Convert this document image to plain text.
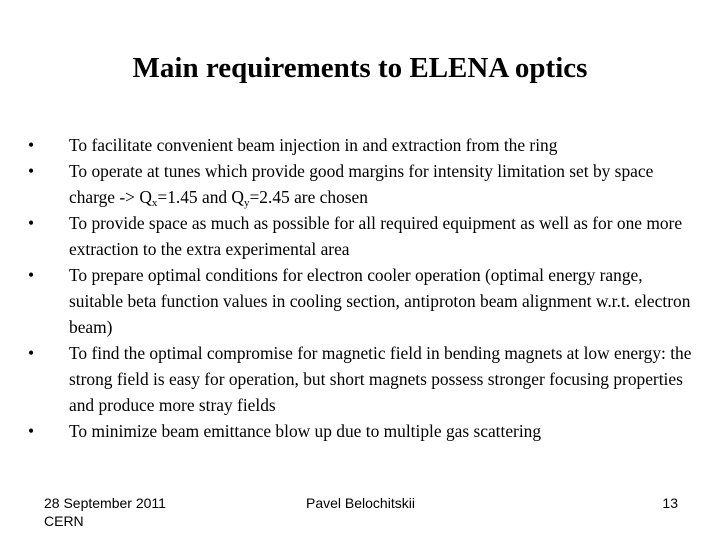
Main requirements to ELENA optics
•	To facilitate convenient beam injection in and extraction from the ring
•	To operate at tunes which provide good margins for intensity limitation set by space charge -> $Q_x=1.45$ and $Q_y=2.45$ are chosen
•	To provide space as much as possible for all required equipment as well as for one more extraction to the extra experimental area
•	To prepare optimal conditions for electron cooler operation (optimal energy range, suitable beta function values in cooling section, antiproton beam alignment w.r.t. electron beam)
•	To find the optimal compromise for magnetic field in bending magnets at low energy: the strong field is easy for operation, but short magnets possess stronger focusing properties and produce more stray fields
•	To minimize beam emittance blow up due to multiple gas scattering
28 September 2011
CERN
Pavel Belochitskii	13
